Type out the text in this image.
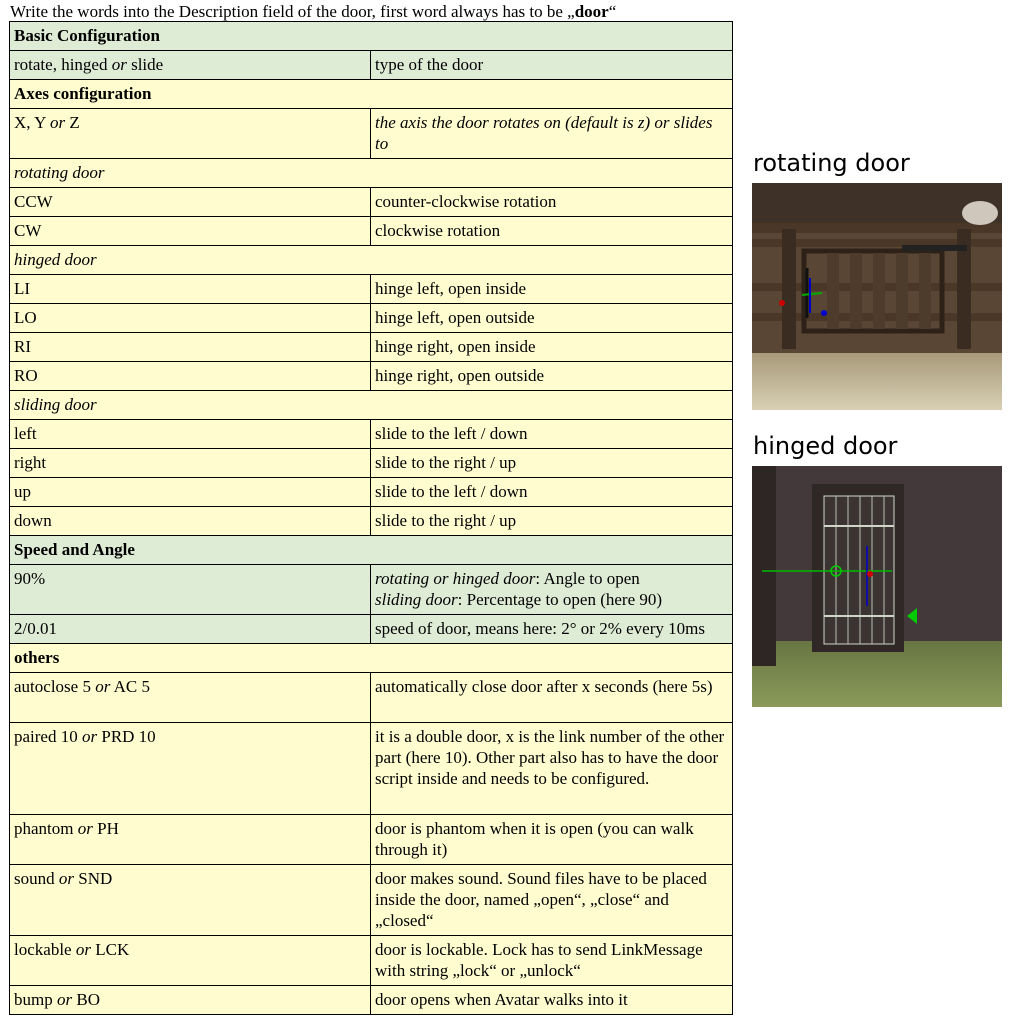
Write the words into the Description field of the door, first word always has to be „door“
Basic Configuration	
rotate, hinged or slide	type of the door
Axes configuration	
X, Y or Z	the axis the door rotates on (default is z) or slides to
rotating door	
CCW	counter-clockwise rotation
CW	clockwise rotation
hinged door	
LI	hinge left, open inside
LO	hinge left, open outside
RI	hinge right, open inside
RO	hinge right, open outside
sliding door	
left	slide to the left / down
right	slide to the right / up
up	slide to the left / down
down	slide to the right / up
Speed and Angle	
90%	rotating or hinged door: Angle to open
sliding door: Percentage to open (here 90)
2/0.01	speed of door, means here: 2° or 2% every 10ms
others	
autoclose 5 or AC 5	automatically close door after x seconds (here 5s)
paired 10 or PRD 10	it is a double door, x is the link number of the other part (here 10). Other part also has to have the door script inside and needs to be configured.
phantom or PH	door is phantom when it is open (you can walk through it)
sound or SND	door makes sound. Sound files have to be placed inside the door, named „open“, „close“ and „closed“
lockable or LCK	door is lockable. Lock has to send LinkMessage with string „lock“ or „unlock“
bump or BO	door opens when Avatar walks into it
rotating door
hinged door
